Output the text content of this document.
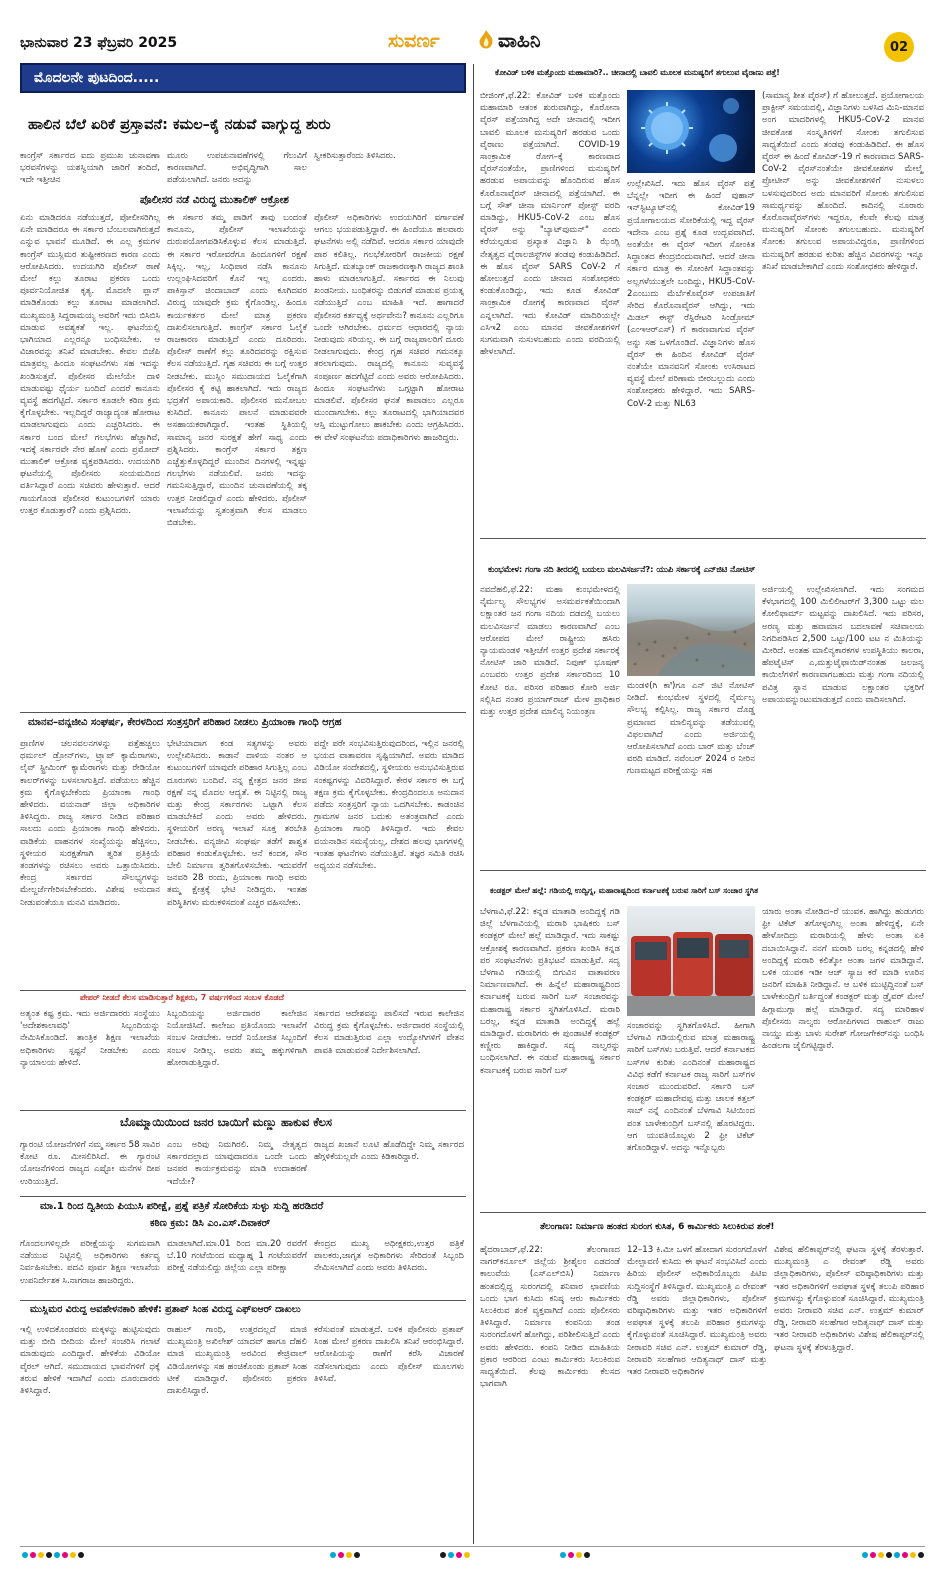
ಭಾನುವಾರ 23 ಫೆಬ್ರವರಿ 2025	ಸುವರ್ಣ	ವಾಹಿನಿ	02
ಮೊದಲನೇ ಪುಟದಿಂದ.....
ಹಾಲಿನ ಬೆಲೆ ಏರಿಕೆ ಪ್ರಸ್ತಾವನೆ: ಕಮಲ–ಕೈ ನಡುವೆ ವಾಗ್ಯುದ್ಧ ಶುರು
ಕಾಂಗ್ರೆಸ್ ಸರ್ಕಾರದ ಐದು ಪ್ರಮುಖ ಚುನಾವಣಾ ಭರವಸೆಗಳನ್ನು ಯಶಸ್ವಿಯಾಗಿ ಜಾರಿಗೆ ತಂದಿದೆ, ಇದೇ ಇತ್ತೀಚಿನ
ಮೂರು ಉಪಚುನಾವಣೆಗಳಲ್ಲಿ ಗೆಲುವಿಗೆ ಕಾರಣವಾಗಿದೆ. ಅಭಿವೃದ್ಧಿಗಾಗಿ ಸಾಲ ಪಡೆಯಲಾಗಿದೆ. ಜನರು ಅದನ್ನು
ಸ್ವೀಕರಿಸುತ್ತಾರೆಂದು ತಿಳಿಸಿದರು.
ಪೊಲೀಸರ ನಡೆ ವಿರುದ್ಧ ಮುತಾಲಿಕ್ ಆಕ್ರೋಶ
ಏನು ಮಾಡಿದರೂ ನಡೆಯುತ್ತದೆ, ಪೋಲೀಸರಿಗಿಲ್ಲ ಏನೇ ಮಾಡಿದರೂ ಈ ಸರ್ಕಾರ ಬೆಂಬಲವಾಗಿರುತ್ತದೆ ಎನ್ನುವ ಭಾವನೆ ಮೂಡಿದೆ. ಈ ಎಲ್ಲ ಕ್ರಮಗಳ ಕಾಂಗ್ರೆಸ್ ಮುಸ್ಲಿಮರ ತುಷ್ಟೀಕರಣದ ಕಾರಣ ಎಂದು ಆರೋಪಿಸಿದರು. ಉದಯಗಿರಿ ಪೊಲೀಸ್ ಠಾಣೆ ಮೇಲೆ ಕಲ್ಲು ತೂರಾಟ ಪ್ರಕರಣ ಒಂದು ಪೂರ್ವನಿಯೋಜಿತ ಕೃತ್ಯ. ಮೊದಲೇ ಪ್ಲಾನ್ ಮಾಡಿಕೊಂಡು ಕಲ್ಲು ತೂರಾಟ ಮಾಡಲಾಗಿದೆ. ಮುಖ್ಯಮಂತ್ರಿ ಸಿದ್ದರಾಮಯ್ಯ ಅವರಿಗೆ ಇದು ಬಿಸಿಬಿಸಿ ಮಾಡುವ ಅವಶ್ಯಕತೆ ಇಲ್ಲ. ಘಟನೆಯಲ್ಲಿ ಭಾಗಿಯಾದ ಎಲ್ಲರನ್ನೂ ಬಂಧಿಸಬೇಕು. ಆ ವಿಚಾರವನ್ನು ತನಿಖೆ ಮಾಡಬೇಕು. ಕೇವಲ ಬಿಜೆಪಿ ಮಾತ್ರವಲ್ಲ ಹಿಂದೂ ಸಂಘಟನೆಗಳು ಸಹ ಇದನ್ನು ಖಂಡಿಸುತ್ತವೆ. ಪೊಲೀಸರ ಮೇಲೆಯೇ ದಾಳಿ ಮಾಡುವಷ್ಟು ಧೈರ್ಯ ಬಂದಿದೆ ಎಂದರೆ ಕಾನೂನು ವ್ಯವಸ್ಥೆ ಹದಗೆಟ್ಟಿದೆ. ಸರ್ಕಾರ ಕೂಡಲೇ ಕಠಿಣ ಕ್ರಮ ಕೈಗೊಳ್ಳಬೇಕು. ಇಲ್ಲದಿದ್ದರೆ ರಾಜ್ಯಾದ್ಯಂತ ಹೋರಾಟ ಮಾಡಲಾಗುವುದು ಎಂದು ಎಚ್ಚರಿಸಿದರು. ಈ ಸರ್ಕಾರ ಬಂದ ಮೇಲೆ ಗಲಭೆಗಳು ಹೆಚ್ಚಾಗಿವೆ, ಇದಕ್ಕೆ ಸರ್ಕಾರವೇ ನೇರ ಹೊಣೆ ಎಂದು ಪ್ರಮೋದ್ ಮುತಾಲಿಕ್ ಆಕ್ರೋಶ ವ್ಯಕ್ತಪಡಿಸಿದರು. ಉದಯಗಿರಿ ಘಟನೆಯಲ್ಲಿ ಪೊಲೀಸರು ಸಂಯಮದಿಂದ ವರ್ತಿಸಿದ್ದಾರೆ ಎಂದು ಸಚಿವರು ಹೇಳುತ್ತಾರೆ. ಆದರೆ ಗಾಯಗೊಂಡ ಪೊಲೀಸರ ಕುಟುಂಬಗಳಿಗೆ ಯಾರು ಉತ್ತರ ಕೊಡುತ್ತಾರೆ? ಎಂದು ಪ್ರಶ್ನಿಸಿದರು.
ಈ ಸರ್ಕಾರ ತಮ್ಮ ಪಾಡಿಗೆ ತಾವು ಬಂದಂತೆ ಕಾನೂನು, ಪೊಲೀಸ್ ಇಲಾಖೆಯನ್ನು ದುರುಪಯೋಗಪಡಿಸಿಕೊಳ್ಳುವ ಕೆಲಸ ಮಾಡುತ್ತಿದೆ. ಈ ಸರ್ಕಾರ ಇರೋವರೆಗೂ ಹಿಂದೂಗಳಿಗೆ ರಕ್ಷಣೆ ಸಿಕ್ಕಿಲ್ಲ. ಇಲ್ಲ, ಸಿಂಧಿಪಾಠ ನಡೆಸಿ ಕಾನೂನು ಉಲ್ಲಂಘಿಸಿದವರಿಗೆ ಕೊನೆ ಇಲ್ಲ ಎಂದರು. ಪಾಕಿಸ್ತಾನ್ ಜಿಂದಾಬಾದ್ ಎಂದು ಕೂಗಿದವರ ವಿರುದ್ಧ ಯಾವುದೇ ಕ್ರಮ ಕೈಗೊಂಡಿಲ್ಲ. ಹಿಂದೂ ಕಾರ್ಯಕರ್ತರ ಮೇಲೆ ಮಾತ್ರ ಪ್ರಕರಣ ದಾಖಲಿಸಲಾಗುತ್ತಿದೆ. ಕಾಂಗ್ರೆಸ್ ಸರ್ಕಾರ ಓಲೈಕೆ ರಾಜಕಾರಣ ಮಾಡುತ್ತಿದೆ ಎಂದು ದೂರಿದರು. ಪೊಲೀಸ್ ಠಾಣೆಗೆ ಕಲ್ಲು ತೂರಿದವರನ್ನು ರಕ್ಷಿಸುವ ಕೆಲಸ ನಡೆಯುತ್ತಿದೆ. ಗೃಹ ಸಚಿವರು ಈ ಬಗ್ಗೆ ಉತ್ತರ ನೀಡಬೇಕು. ಮುಸ್ಲಿಂ ಸಮುದಾಯದ ಓಲೈಕೆಗಾಗಿ ಪೊಲೀಸರ ಕೈ ಕಟ್ಟಿ ಹಾಕಲಾಗಿದೆ. ಇದು ರಾಜ್ಯದ ಭದ್ರತೆಗೆ ಅಪಾಯಕಾರಿ. ಪೊಲೀಸರ ಮನೋಬಲ ಕುಸಿದಿದೆ. ಕಾನೂನು ಪಾಲನೆ ಮಾಡುವವರೇ ಅಸಹಾಯಕರಾಗಿದ್ದಾರೆ. ಇಂತಹ ಸ್ಥಿತಿಯಲ್ಲಿ ಸಾಮಾನ್ಯ ಜನರ ಸುರಕ್ಷತೆ ಹೇಗೆ ಸಾಧ್ಯ ಎಂದು ಪ್ರಶ್ನಿಸಿದರು. ಕಾಂಗ್ರೆಸ್ ಸರ್ಕಾರ ತಕ್ಷಣ ಎಚ್ಚೆತ್ತುಕೊಳ್ಳದಿದ್ದರೆ ಮುಂದಿನ ದಿನಗಳಲ್ಲಿ ಇನ್ನಷ್ಟು ಗಲಭೆಗಳು ನಡೆಯಲಿವೆ. ಜನರು ಇದನ್ನು ಗಮನಿಸುತ್ತಿದ್ದಾರೆ, ಮುಂದಿನ ಚುನಾವಣೆಯಲ್ಲಿ ತಕ್ಕ ಉತ್ತರ ನೀಡಲಿದ್ದಾರೆ ಎಂದು ಹೇಳಿದರು. ಪೊಲೀಸ್ ಇಲಾಖೆಯನ್ನು ಸ್ವತಂತ್ರವಾಗಿ ಕೆಲಸ ಮಾಡಲು ಬಿಡಬೇಕು.
ಪೊಲೀಸ್ ಅಧಿಕಾರಿಗಳು ಉದಯಗಿರಿಗೆ ವರ್ಗಾವಣೆ ಆಗಲು ಭಯಪಡುತ್ತಿದ್ದಾರೆ. ಈ ಹಿಂದೆಯೂ ಹಲವಾರು ಘಟನೆಗಳು ಅಲ್ಲಿ ನಡೆದಿವೆ. ಆದರೂ ಸರ್ಕಾರ ಯಾವುದೇ ಪಾಠ ಕಲಿತಿಲ್ಲ. ಗಲಭೆಕೋರರಿಗೆ ರಾಜಕೀಯ ರಕ್ಷಣೆ ಸಿಗುತ್ತಿದೆ. ಮತಬ್ಯಾಂಕ್ ರಾಜಕಾರಣಕ್ಕಾಗಿ ರಾಜ್ಯದ ಶಾಂತಿ ಹಾಳು ಮಾಡಲಾಗುತ್ತಿದೆ. ಸರ್ಕಾರದ ಈ ನಿಲುವು ಖಂಡನೀಯ. ಬಂಧಿತರನ್ನು ಬಿಡುಗಡೆ ಮಾಡುವ ಪ್ರಯತ್ನ ನಡೆಯುತ್ತಿದೆ ಎಂಬ ಮಾಹಿತಿ ಇದೆ. ಹಾಗಾದರೆ ಪೊಲೀಸರ ಕರ್ತವ್ಯಕ್ಕೆ ಅರ್ಥವೇನು? ಕಾನೂನು ಎಲ್ಲರಿಗೂ ಒಂದೇ ಆಗಿರಬೇಕು. ಧರ್ಮದ ಆಧಾರದಲ್ಲಿ ನ್ಯಾಯ ನೀಡುವುದು ಸರಿಯಲ್ಲ. ಈ ಬಗ್ಗೆ ರಾಜ್ಯಪಾಲರಿಗೆ ದೂರು ನೀಡಲಾಗುವುದು. ಕೇಂದ್ರ ಗೃಹ ಸಚಿವರ ಗಮನಕ್ಕೂ ತರಲಾಗುವುದು. ರಾಜ್ಯದಲ್ಲಿ ಕಾನೂನು ಸುವ್ಯವಸ್ಥೆ ಸಂಪೂರ್ಣ ಹದಗೆಟ್ಟಿದೆ ಎಂದು ಅವರು ಆರೋಪಿಸಿದರು. ಹಿಂದೂ ಸಂಘಟನೆಗಳು ಒಗ್ಗಟ್ಟಾಗಿ ಹೋರಾಟ ಮಾಡಲಿವೆ. ಪೊಲೀಸರ ಘನತೆ ಕಾಪಾಡಲು ಎಲ್ಲರೂ ಮುಂದಾಗಬೇಕು. ಕಲ್ಲು ತೂರಾಟದಲ್ಲಿ ಭಾಗಿಯಾದವರ ಆಸ್ತಿ ಮುಟ್ಟುಗೋಲು ಹಾಕಬೇಕು ಎಂದು ಆಗ್ರಹಿಸಿದರು. ಈ ವೇಳೆ ಸಂಘಟನೆಯ ಪದಾಧಿಕಾರಿಗಳು ಹಾಜರಿದ್ದರು.
ಮಾನವ–ವನ್ಯಜೀವಿ ಸಂಘರ್ಷ, ಕೇರಳದಿಂದ ಸಂತ್ರಸ್ತರಿಗೆ ಪರಿಹಾರ ನೀಡಲು ಪ್ರಿಯಾಂಕಾ ಗಾಂಧಿ ಆಗ್ರಹ
ಪ್ರಾಣಿಗಳ ಚಲನವಲನಗಳನ್ನು ಪತ್ತೆಹಚ್ಚಲು ಥರ್ಮಲ್ ಡ್ರೋನ್‌ಗಳು, ಟ್ರ್ಯಾಪ್ ಕ್ಯಾಮೆರಾಗಳು, ಲೈವ್ ಸ್ಟ್ರೀಮಿಂಗ್ ಕ್ಯಾಮೆರಾಗಳು ಮತ್ತು ರೇಡಿಯೋ ಕಾಲರ್‌ಗಳನ್ನು ಬಳಸಲಾಗುತ್ತಿದೆ. ಪಡೆಯಲು ಹೆಚ್ಚಿನ ಕ್ರಮ ಕೈಗೊಳ್ಳಬೇಕೆಂದು ಪ್ರಿಯಾಂಕಾ ಗಾಂಧಿ ಹೇಳಿದರು. ವಯನಾಡ್ ಜಿಲ್ಲಾ ಅಧಿಕಾರಿಗಳ ತಿಳಿಸಿದ್ದರು. ರಾಜ್ಯ ಸರ್ಕಾರ ನೀಡಿದ ಪರಿಹಾರ ಸಾಲದು ಎಂದು ಪ್ರಿಯಾಂಕಾ ಗಾಂಧಿ ಹೇಳಿದರು. ವಾಡಿಕೆಯ ವಾಹನಗಳ ಸಂಖ್ಯೆಯನ್ನು ಹೆಚ್ಚಿಸಲು, ಸ್ಥಳೀಯರ ಸುರಕ್ಷತೆಗಾಗಿ ತ್ವರಿತ ಪ್ರತಿಕ್ರಿಯೆ ತಂಡಗಳನ್ನು ರಚಿಸಲು ಅವರು ಒತ್ತಾಯಿಸಿದರು. ಕೇಂದ್ರ ಸರ್ಕಾರದ ಸೌಲಭ್ಯಗಳನ್ನು ಮೇಲ್ದರ್ಜೆಗೇರಿಸಬೇಕೆಂದರು. ವಿಶೇಷ ಅನುದಾನ ನೀಡುವಂತೆಯೂ ಮನವಿ ಮಾಡಿದರು.
ಭೇಟಿಯಾದಾಗ ಕಂಡ ಸತ್ಯಗಳನ್ನು ಅವರು ಉಲ್ಲೇಖಿಸಿದರು. ಕಾಡಾನೆ ದಾಳಿಯ ನಂತರ ಆ ಕುಟುಂಬಗಳಿಗೆ ಯಾವುದೇ ಪರಿಹಾರ ಸಿಗುತ್ತಿಲ್ಲ ಎಂಬ ದೂರುಗಳು ಬಂದಿವೆ. ನನ್ನ ಕ್ಷೇತ್ರದ ಜನರ ಜೀವ ರಕ್ಷಣೆ ನನ್ನ ಮೊದಲ ಆದ್ಯತೆ. ಈ ನಿಟ್ಟಿನಲ್ಲಿ ರಾಜ್ಯ ಮತ್ತು ಕೇಂದ್ರ ಸರ್ಕಾರಗಳು ಒಟ್ಟಾಗಿ ಕೆಲಸ ಮಾಡಬೇಕಿದೆ ಎಂದು ಅವರು ಹೇಳಿದರು. ಸ್ಥಳೀಯರಿಗೆ ಅರಣ್ಯ ಇಲಾಖೆ ಸೂಕ್ತ ತರಬೇತಿ ನೀಡಬೇಕು. ವನ್ಯಜೀವಿ ಸಂಘರ್ಷ ತಡೆಗೆ ಶಾಶ್ವತ ಪರಿಹಾರ ಕಂಡುಕೊಳ್ಳಬೇಕು. ಆನೆ ಕಂದಕ, ಸೌರ ಬೇಲಿ ನಿರ್ಮಾಣ ತ್ವರಿತಗೊಳಿಸಬೇಕು. ಇದುವರೆಗೆ ಜನವರಿ 28 ರಂದು, ಪ್ರಿಯಾಂಕಾ ಗಾಂಧಿ ಅವರು ತಮ್ಮ ಕ್ಷೇತ್ರಕ್ಕೆ ಭೇಟಿ ನೀಡಿದ್ದರು. ಇಂತಹ ಪರಿಸ್ಥಿತಿಗಳು ಮರುಕಳಿಸದಂತೆ ಎಚ್ಚರ ವಹಿಸಬೇಕು.
ಪದ್ದೇ ಪರೇ ಸಂಭವಿಸುತ್ತಿರುವುದರಿಂದ, ಇಲ್ಲಿನ ಜನರಲ್ಲಿ ಭಯದ ವಾತಾವರಣ ಸೃಷ್ಟಿಯಾಗಿದೆ. ಅವರು ಮಾಡಿದ ವಿಡಿಯೋ ಸಂದೇಶದಲ್ಲಿ, ಸ್ಥಳೀಯರು ಅನುಭವಿಸುತ್ತಿರುವ ಸಂಕಷ್ಟಗಳನ್ನು ವಿವರಿಸಿದ್ದಾರೆ. ಕೇರಳ ಸರ್ಕಾರ ಈ ಬಗ್ಗೆ ತಕ್ಷಣ ಕ್ರಮ ಕೈಗೊಳ್ಳಬೇಕು. ಕೇಂದ್ರದಿಂದಲೂ ಅನುದಾನ ಪಡೆದು ಸಂತ್ರಸ್ತರಿಗೆ ನ್ಯಾಯ ಒದಗಿಸಬೇಕು. ಕಾಡಂಚಿನ ಗ್ರಾಮಗಳ ಜನರ ಬದುಕು ಅತಂತ್ರವಾಗಿದೆ ಎಂದು ಪ್ರಿಯಾಂಕಾ ಗಾಂಧಿ ತಿಳಿಸಿದ್ದಾರೆ. ಇದು ಕೇವಲ ವಯನಾಡಿನ ಸಮಸ್ಯೆಯಲ್ಲ, ದೇಶದ ಹಲವು ಭಾಗಗಳಲ್ಲಿ ಇಂತಹ ಘಟನೆಗಳು ನಡೆಯುತ್ತಿವೆ. ತಜ್ಞರ ಸಮಿತಿ ರಚಿಸಿ ಅಧ್ಯಯನ ನಡೆಸಬೇಕು.
ಪೇಪರ್ ನೀಡದೆ ಕೆಲಸ ಮಾಡಿಸುತ್ತಾರೆ ಶಿಕ್ಷಕರು, 7 ವರ್ಷಗಳಿಂದ ಸಂಬಳ ಕೊಡದೆ
ಅತ್ಯಂತ ಕಷ್ಟ ಕ್ರಮ. ಇದು ಅರ್ಜಿದಾರರು ಸಂಸ್ಥೆಯು 'ಅದೇಶಕಾಲಾವಧಿ' ಸಿಬ್ಬಂದಿಯನ್ನು ನೇಮಿಸಿಕೊಂಡಿದೆ. ತಾಂತ್ರಿಕ ಶಿಕ್ಷಣ ಇಲಾಖೆಯ ಅಧಿಕಾರಿಗಳು ಸ್ಪಷ್ಟನೆ ನೀಡಬೇಕು ಎಂದು ನ್ಯಾಯಾಲಯ ಹೇಳಿದೆ.
ಸಿಬ್ಬಂದಿಯನ್ನು ಅರ್ಜಿದಾರರ ಕಾಲೇಜಿನ ನಿಯೋಜಿಸಿದೆ. ಕಾಲೇಜು ಪ್ರತಿಯೊಂದು ಇಲಾಖೆಗೆ ಸಂಬಳ ನೀಡಬೇಕು. ಆದರೆ ನಿಯೋಜಿತ ಸಿಬ್ಬಂದಿಗೆ ಸಂಬಳ ನೀಡಿಲ್ಲ. ಅವರು ತಮ್ಮ ಹಕ್ಕುಗಳಿಗಾಗಿ ಹೋರಾಡುತ್ತಿದ್ದಾರೆ.
ಸರ್ಕಾರದ ಆದೇಶವನ್ನು ಪಾಲಿಸದೆ ಇರುವ ಕಾಲೇಜಿನ ವಿರುದ್ಧ ಕ್ರಮ ಕೈಗೊಳ್ಳಬೇಕು. ಅರ್ಜಿದಾರರ ಸಂಸ್ಥೆಯಲ್ಲಿ ಕೆಲಸ ಮಾಡುತ್ತಿರುವ ಎಲ್ಲಾ ಉದ್ಯೋಗಿಗಳಿಗೆ ವೇತನ ಪಾವತಿ ಮಾಡುವಂತೆ ನಿರ್ದೇಶಿಸಲಾಗಿದೆ.
ಬೊಮ್ಮಾಯಿಯಿಂದ ಜನರ ಬಾಯಿಗೆ ಮಣ್ಣು ಹಾಕುವ ಕೆಲಸ
ಗ್ಯಾರಂಟಿ ಯೋಜನೆಗಳಿಗೆ ನಮ್ಮ ಸರ್ಕಾರ 58 ಸಾವಿರ ಕೋಟಿ ರೂ. ಮೀಸಲಿರಿಸಿದೆ. ಈ ಗ್ಯಾರಂಟಿ ಯೋಜನೆಗಳಿಂದ ರಾಜ್ಯದ ಎಷ್ಟೋ ಮನೆಗಳ ದೀಪ ಉರಿಯುತ್ತಿದೆ.
ಎಂಬ ಅರಿವು ನಿಮಗಿರಲಿ. ನಿಮ್ಮ ನೇತೃತ್ವದ ಸರ್ಕಾರದಲ್ಲಾದ ಯಾವುದಾದರೂ ಒಂದೇ ಒಂದು ಜನಪರ ಕಾರ್ಯಕ್ರಮವನ್ನು ಮಾಡಿ ಉದಾಹರಣೆ ಇದೆಯೇ?
ರಾಜ್ಯದ ಖಜಾನೆ ಲೂಟಿ ಹೊಡೆದಿದ್ದೇ ನಿಮ್ಮ ಸರ್ಕಾರದ ಹೆಗ್ಗಳಿಕೆಯಲ್ಲವೇ ಎಂದು ಕಿಡಿಕಾರಿದ್ದಾರೆ.
ಮಾ.1 ರಿಂದ ದ್ವಿತೀಯ ಪಿಯುಸಿ ಪರೀಕ್ಷೆ, ಪ್ರಶ್ನೆ ಪತ್ರಿಕೆ ಸೋರಿಕೆಯ ಸುಳ್ಳು ಸುದ್ದಿ ಹರಡಿದರೆ
ಕಠಿಣ ಕ್ರಮ: ಡಿಸಿ ಎಂ.ಎಸ್.ದಿವಾಕರ್
ಗೊಂದಲಗಳಿಲ್ಲದೇ ಪರೀಕ್ಷೆಯನ್ನು ಸುಗಮವಾಗಿ ನಡೆಯುವ ನಿಟ್ಟಿನಲ್ಲಿ ಅಧಿಕಾರಿಗಳು ಕರ್ತವ್ಯ ನಿರ್ವಹಿಸಬೇಕು. ಪದವಿ ಪೂರ್ವ ಶಿಕ್ಷಣ ಇಲಾಖೆಯ ಉಪನಿರ್ದೇಶಕ ಸಿ.ನಾಗರಾಜ ಹಾಜರಿದ್ದರು.
ಮಾಡಲಾಗಿದೆ.ಮಾ.01 ರಿಂದ ಮಾ.20 ರವರೆಗೆ ಬೆ.10 ಗಂಟೆಯಿಂದ ಮಧ್ಯಾಹ್ನ 1 ಗಂಟೆಯವರೆಗೆ ಪರೀಕ್ಷೆ ನಡೆಯಲಿದ್ದು ಜಿಲ್ಲೆಯ ಎಲ್ಲಾ ಪರೀಕ್ಷಾ
ಕೇಂದ್ರದ ಮುಖ್ಯ ಅಧೀಕ್ಷಕರು,ಉತ್ತರ ಪತ್ರಿಕೆ ಪಾಲಕರು,ಜಾಗೃತ ಅಧಿಕಾರಿಗಳು ಸೇರಿದಂತೆ ಸಿಬ್ಬಂದಿ ನೇಮಿಸಲಾಗಿದೆ ಎಂದು ಅವರು ತಿಳಿಸಿದರು.
ಮುಸ್ಲಿಮರ ವಿರುದ್ಧ ಅವಹೇಳನಕಾರಿ ಹೇಳಿಕೆ: ಪ್ರತಾಪ್ ಸಿಂಹ ವಿರುದ್ಧ ಎಫ್‌ಐಆರ್ ದಾಖಲು
ಇಲ್ಲಿ ಉಳಿದಕೊಂಡವರು ಮಕ್ಕಳನ್ನು ಹುಟ್ಟಿಸುವುದು ಮತ್ತು ಬೀದಿ ಬೀದಿಯ ಮೇಲೆ ಸಂಚರಿಸಿ ಗಲಾಟೆ ಮಾಡುವುದು ಎಂದಿದ್ದಾರೆ. ಹೇಳಿಕೆಯ ವಿಡಿಯೋ ವೈರಲ್ ಆಗಿದೆ. ಸಮುದಾಯದ ಭಾವನೆಗಳಿಗೆ ಧಕ್ಕೆ ತರುವ ಹೇಳಿಕೆ ಇದಾಗಿದೆ ಎಂದು ದೂರುದಾರರು ತಿಳಿಸಿದ್ದಾರೆ.
ರಾಹುಲ್ ಗಾಂಧಿ, ಉತ್ತರದಲ್ಲದೆ ಮಾಜಿ ಮುಖ್ಯಮಂತ್ರಿ ಅಖಿಲೇಶ್ ಯಾದವ್ ಹಾಗೂ ದೆಹಲಿ ಮಾಜಿ ಮುಖ್ಯಮಂತ್ರಿ ಅರವಿಂದ ಕೇಜ್ರಿವಾಲ್ ವಿಡಿಯೋಗಳನ್ನು ಸಹ ಹಂಚಿಕೊಂಡು ಪ್ರತಾಪ್ ಸಿಂಹ ಟೀಕೆ ಮಾಡಿದ್ದಾರೆ. ಪೊಲೀಸರು ಪ್ರಕರಣ ದಾಖಲಿಸಿದ್ದಾರೆ.
ಕರೆಸುವಂತೆ ಮಾಡುತ್ತದೆ. ಬಳಿಕ ಪೊಲೀಸರು ಪ್ರತಾಪ್ ಸಿಂಹ ಮೇಲೆ ಪ್ರಕರಣ ದಾಖಲಿಸಿ ತನಿಖೆ ಆರಂಭಿಸಿದ್ದಾರೆ. ಆರೋಪಿಯನ್ನು ಠಾಣೆಗೆ ಕರೆಸಿ ವಿಚಾರಣೆ ನಡೆಸಲಾಗುವುದು ಎಂದು ಪೊಲೀಸ್ ಮೂಲಗಳು ತಿಳಿಸಿವೆ.
ಕೋವಿಡ್ ಬಳಿಕ ಮತ್ತೊಂದು ಮಹಾಮಾರಿ?.. ಚೀನಾದಲ್ಲಿ ಬಾವಲಿ ಮೂಲಕ ಮನುಷ್ಯರಿಗೆ ತಗುಲುವ ವೈರಾಣು ಪತ್ತೆ!
ಬೀಜಿಂಗ್,ಫೆ.22: ಕೋವಿಡ್ ಬಳಿಕ ಮತ್ತೊಂದು ಮಹಾಮಾರಿ ಆತಂಕ ಶುರುವಾಗಿದ್ದು, ಕೊರೋನಾ ವೈರಸ್ ಪತ್ತೆಯಾಗಿದ್ದ ಅದೇ ಚೀನಾದಲ್ಲಿ ಇದೀಗ ಬಾವಲಿ ಮೂಲಕ ಮನುಷ್ಯರಿಗೆ ಹರಡುವ ಒಂದು ವೈರಾಣು ಪತ್ತೆಯಾಗಿದೆ. COVID-19 ಸಾಂಕ್ರಾಮಿಕ ರೋಗ–ಕ್ಕೆ ಕಾರಣವಾದ ವೈರಸ್‌ನಂತೆಯೇ, ಪ್ರಾಣಿಗಳಿಂದ ಮನುಷ್ಯರಿಗೆ ಹರಡುವ ಅಪಾಯವನ್ನು ಹೊಂದಿರುವ ಹೊಸ ಕೊರೊನಾವೈರಸ್ ಚೀನಾದಲ್ಲಿ ಪತ್ತೆಯಾಗಿದೆ. ಈ ಬಗ್ಗೆ ಸೌತ್ ಚೀನಾ ಮಾರ್ನಿಂಗ್ ಪೋಸ್ಟ್ ವರದಿ ಮಾಡಿದ್ದು, HKU5-CoV-2 ಎಂಬ ಹೊಸ ವೈರಸ್ ಅನ್ನು "ಬ್ಯಾಟ್‌ವುಮನ್" ಎಂದು ಕರೆಯಲ್ಪಡುವ ಪ್ರಖ್ಯಾತ ವಿಜ್ಞಾನಿ ಶಿ ಝೆಂಗ್ಲಿ ನೇತೃತ್ವದ ವೈರಾಲಜಿಸ್ಟ್‌ಗಳ ತಂಡವು ಕಂಡುಹಿಡಿದಿದೆ. ಈ ಹೊಸ ವೈರಸ್ SARS CoV-2 ಗೆ ಹೋಲುತ್ತದೆ ಎಂದು ಚೀನಾದ ಸಂಶೋಧಕರು ಕಂಡುಕೊಂಡಿದ್ದು, ಇದು ಕೂಡ ಕೋವಿಡ್ ಸಾಂಕ್ರಾಮಿಕ ರೋಗಕ್ಕೆ ಕಾರಣವಾದ ವೈರಸ್ ಎನ್ನಲಾಗಿದೆ. ಇದು ಕೋವಿಡ್ ಮಾದಿರಿಯಲ್ಲೇ ಎಸಿಇ2 ಎಂಬ ಮಾನವ ಜೀವಕೋಶಗಳಿಗೆ ಸುಗಮವಾಗಿ ನುಸುಳಬಹುದು ಎಂದು ವರದಿಯಲ್ಲಿ ಹೇಳಲಾಗಿದೆ.
ಉಲ್ಲೇಖಿಸಿದೆ. ಇದು ಹೊಸ ವೈರಸ್ ಪತ್ತೆ ಬೆನ್ನಲ್ಲೇ ಇದೀಗ ಈ ಹಿಂದೆ ವುಹಾನ್ ಇನ್‌ಸ್ಟಿಟ್ಯೂಟ್‌ನಲ್ಲಿ ಕೋವಿಡ್19 ಪ್ರಯೋಗಾಲಯದ ಸೋರಿಕೆಯಲ್ಲಿ ಇದ್ದ ವೈರಸ್ ಇದೇನಾ ಎಂಬ ಪ್ರಶ್ನೆ ಕೂಡ ಉದ್ಭವವಾಗಿದೆ. ಅಂತೆಯೇ ಈ ವೈರಸ್ ಇದೀಗ ಸೋಂಕಿತ ಸಿದ್ಧಾಂತದ ಕೇಂದ್ರಬಿಂದುವಾಗಿದೆ. ಆದರೆ ಚೀನಾ ಸರ್ಕಾರ ಮಾತ್ರ ಈ ಸೋಂಕಿಗೆ ಸಿದ್ಧಾಂತವನ್ನು ಅಲ್ಲಗಳೆಯುತ್ತಲೇ ಬಂದಿದ್ದು, HKU5-CoV-2ಎಂಬುದು ಮೆರ್ಬೆಕೊವೈರಸ್ ಉಪಜಾತಿಗೆ ಸೇರಿದ ಕೊರೊನಾವೈರಸ್ ಆಗಿದ್ದು, ಇದು ಮಿಡಲ್ ಈಸ್ಟ್ ರೆಸ್ಪಿರೇಟರಿ ಸಿಂಡ್ರೋಮ್ (ಎಂಇಆರ್‌ಎಸ್) ಗೆ ಕಾರಣವಾಗುವ ವೈರಸ್ ಅನ್ನು ಸಹ ಒಳಗೊಂಡಿದೆ. ವಿಜ್ಞಾನಿಗಳು ಹೊಸ ವೈರಸ್ ಈ ಹಿಂದಿನ ಕೋವಿಡ್ ವೈರಸ್ ನಂತೆಯೇ ಮಾನವನಿಗೆ ಸೋಂಕು ಉಸಿರಾಟದ ವ್ಯವಸ್ಥೆ ಮೇಲೆ ಪರಿಣಾಮ ಬೀರಬಲ್ಲುದು ಎಂದು ಸಂಶೋಧಕರು ಹೇಳಿದ್ದಾರೆ. ಇದು SARS-CoV-2 ಮತ್ತು NL63
(ಸಾಮಾನ್ಯ ಶೀತ ವೈರಸ್) ಗೆ ಹೋಲುತ್ತದೆ. ಪ್ರಯೋಗಾಲಯ ಪ್ರಾಕ್ಟೀಸ್ ಸಮಯದಲ್ಲಿ, ವಿಜ್ಞಾನಿಗಳು ಬಳಸಿದ ಮಿನಿ-ಮಾನವ ಅಂಗ ಮಾದರಿಗಳಲ್ಲಿ HKU5-CoV-2 ಮಾನವ ಜೀವಕೋಶ ಸಂಸ್ಕೃತಿಗಳಿಗೆ ಸೋಂಕು ತಗುಲಿಸುವ ಸಾಧ್ಯತೆಯಿದೆ ಎಂದು ತಂಡವು ಕಂಡುಹಿಡಿದಿದೆ. ಈ ಹೊಸ ವೈರಸ್ ಈ ಹಿಂದೆ ಕೋವಿಡ್-19 ಗೆ ಕಾರಣವಾದ SARS-CoV-2 ವೈರಸ್‌ನಂತೆಯೇ ಜೀವಕೋಶಗಳ ಮೇಲ್ಮೈ ಪ್ರೋಟೀನ್ ಅನ್ನು ಜೀವಕೋಶಗಳಿಗೆ ನುಸುಳಲು ಬಳಸುವುದರಿಂದ ಅದು ಮಾನವರಿಗೆ ಸೋಂಕು ತಗುಲಿಸುವ ಸಾಮರ್ಥ್ಯವನ್ನು ಹೊಂದಿದೆ. ಕಾದಿನಲ್ಲಿ ನೂರಾರು ಕೊರೊನಾವೈರಸ್‌ಗಳು ಇದ್ದರೂ, ಕೆಲವೇ ಕೆಲವು ಮಾತ್ರ ಮನುಷ್ಯರಿಗೆ ಸೋಂಕು ತಗುಲಬಹುದು. ಮನುಷ್ಯರಿಗೆ ಸೋಂಕು ತಗುಲುವ ಅಪಾಯವಿದ್ದರೂ, ಪ್ರಾಣಿಗಳಿಂದ ಮನುಷ್ಯರಿಗೆ ಹರಡುವ ಕುರಿತು ಹೆಚ್ಚಿನ ವಿವರಗಳನ್ನು ಇನ್ನೂ ತನಿಖೆ ಮಾಡಬೇಕಾಗಿದೆ ಎಂದು ಸಂಶೋಧಕರು ಹೇಳಿದ್ದಾರೆ.
ಕುಂಭಮೇಳ: ಗಂಗಾ ನದಿ ತೀರದಲ್ಲಿ ಬಯಲು ಮಲವಿಸರ್ಜನೆ?: ಯುಪಿ ಸರ್ಕಾರಕ್ಕೆ ಎನ್‌ಜಿಟಿ ನೋಟಿಸ್
ನವದೆಹಲಿ,ಫೆ.22: ಮಹಾ ಕುಂಭಮೇಳದಲ್ಲಿ ನೈರ್ಮಲ್ಯ ಸೌಲಭ್ಯಗಳ ಅಸಮರ್ಪಕತೆಯಿಂದಾಗಿ ಲಕ್ಷಾಂತರ ಜನ ಗಂಗಾ ನದಿಯ ದಡದಲ್ಲಿ ಬಯಲು ಮಲವಿಸರ್ಜನೆ ಮಾಡಲು ಕಾರಣವಾಗಿದೆ ಎಂಬ ಆರೋಪದ ಮೇಲೆ ರಾಷ್ಟ್ರೀಯ ಹಸಿರು ನ್ಯಾಯಮಂಡಳಿ ಇತ್ತೀಚೆಗೆ ಉತ್ತರ ಪ್ರದೇಶ ಸರ್ಕಾರಕ್ಕೆ ನೋಟಿಸ್ ಜಾರಿ ಮಾಡಿದೆ. ನಿಪುಣ್ ಭೂಷಣ್ ಎಂಬವರು ಉತ್ತರ ಪ್ರದೇಶ ಸರ್ಕಾರದಿಂದ 10 ಕೋಟಿ ರೂ. ಪರಿಸರ ಪರಿಹಾರ ಕೋರಿ ಅರ್ಜಿ ಸಲ್ಲಿಸಿದ ನಂತರ ಪ್ರಯಾಗ್‌ರಾಜ್ ಮೇಳ ಪ್ರಾಧಿಕಾರ ಮತ್ತು ಉತ್ತರ ಪ್ರದೇಶ ಮಾಲಿನ್ಯ ನಿಯಂತ್ರಣ
ಮಂಡಳಿ(ಗಿ ಕಾಿ)ಗೂ ಎನ್ ಜಿಟಿ ನೋಟಿಸ್ ನೀಡಿದೆ. ಕುಂಭಮೇಳ ಸ್ಥಳದಲ್ಲಿ ನೈರ್ಮಲ್ಯ ಸೌಲಭ್ಯ ಕಲ್ಪಿಸಿಲ್ಲ. ರಾಜ್ಯ ಸರ್ಕಾರ ದೊಡ್ಡ ಪ್ರಮಾಣದ ಮಾಲಿನ್ಯವನ್ನು ತಡೆಯುವಲ್ಲಿ ವಿಫಲವಾಗಿದೆ ಎಂದು ಅರ್ಜಿಯಲ್ಲಿ ಆರೋಪಿಸಲಾಗಿದೆ ಎಂದು ಬಾರ್ ಮತ್ತು ಬೆಂಚ್ ವರದಿ ಮಾಡಿದೆ. ನವೆಂಬರ್ 2024 ರ ನೀರಿನ ಗುಣಮಟ್ಟದ ಪರೀಕ್ಷೆಯನ್ನು ಸಹ
ಅರ್ಜಿಯಲ್ಲಿ ಉಲ್ಲೇಖಿಸಲಾಗಿದೆ. ಇದು ಸಂಗಮದ ಕೆಳಭಾಗದಲ್ಲಿ 100 ಮಿಲಿಲೀಟರ್‌ಗೆ 3,300 ಒಟ್ಟು ಮಲ ಕೋಲಿಫಾರ್ಮ್ ಮಟ್ಟವನ್ನು ದಾಖಲಿಸಿದೆ. ಇದು ಪರಿಸರ, ಅರಣ್ಯ ಮತ್ತು ಹವಾಮಾನ ಬದಲಾವಣೆ ಸಚಿವಾಲಯ ನಿಗದಿಪಡಿಸಿದ 2,500 ಒಟ್ಟು/100 ಟಟ ನ ಮಿತಿಯನ್ನು ಮೀರಿದೆ. ಅಂತಹ ಮಾಲಿನ್ಯಕಾರಕಗಳ ಉಪಸ್ಥಿತಿಯು ಕಾಲರಾ, ಹೆಪಟೈಟಿಸ್ ಎ,ಮತ್ತುಟೈಫಾಯಿಡ್‌ನಂತಹ ಜಲಜನ್ಯ ಕಾಯಿಲೆಗಳಿಗೆ ಕಾರಣವಾಗಬಹುದು ಮತ್ತು ಗಂಗಾ ನದಿಯಲ್ಲಿ ಪವಿತ್ರ ಸ್ನಾನ ಮಾಡುವ ಲಕ್ಷಾಂತರ ಭಕ್ತರಿಗೆ ಅಪಾಯವನ್ನುಂಟುಮಾಡುತ್ತದೆ ಎಂದು ವಾದಿಸಲಾಗಿದೆ.
ಕಂಡಕ್ಟರ್ ಮೇಲೆ ಹಲ್ಲೆ: ಗಡಿಯಲ್ಲಿ ಉದ್ವಿಗ್ನ, ಮಹಾರಾಷ್ಟ್ರದಿಂದ ಕರ್ನಾಟಕಕ್ಕೆ ಬರುವ ಸಾರಿಗೆ ಬಸ್ ಸಂಚಾರ ಸ್ಥಗಿತ
ಬೆಳಗಾವಿ,ಫೆ.22: ಕನ್ನಡ ಮಾತಾಡಿ ಅಂದಿದ್ದಕ್ಕೆ ಗಡಿ ಜಿಲ್ಲೆ ಬೆಳಗಾವಿಯಲ್ಲಿ ಮರಾಠಿ ಭಾಷಿಕರು ಬಸ್ ಕಂಡಕ್ಟರ್ ಮೇಲೆ ಹಲ್ಲೆ ಮಾಡಿದ್ದಾರೆ. ಇದು ಸಾಕಷ್ಟು ಆಕ್ರೋಶಕ್ಕೆ ಕಾರಣವಾಗಿದೆ. ಪ್ರಕರಣ ಖಂಡಿಸಿ ಕನ್ನಡ ಪರ ಸಂಘಟನೆಗಳು ಪ್ರತಿಭಟನೆ ಮಾಡುತ್ತಿವೆ. ಸದ್ಯ ಬೆಳಗಾವಿ ಗಡಿಯಲ್ಲಿ ಬಿಗುವಿನ ವಾತಾವರಣ ನಿರ್ಮಾಣವಾಗಿದೆ. ಈ ಹಿನ್ನೆಲೆ ಮಹಾರಾಷ್ಟ್ರದಿಂದ ಕರ್ನಾಟಕಕ್ಕೆ ಬರುವ ಸಾರಿಗೆ ಬಸ್ ಸಂಚಾರವನ್ನು ಮಹಾರಾಷ್ಟ್ರ ಸರ್ಕಾರ ಸ್ಥಗಿತಗೊಳಿಸಿದೆ. ಮರಾಠಿ ಬರಲ್ಲ, ಕನ್ನಡ ಮಾತಾಡಿ ಅಂದಿದ್ದಕ್ಕೆ ಹಲ್ಲೆ ಮಾಡಿದ್ದಾರೆ. ಮರಾಠಿಗರು ಈ ಪುಂಡಾಟಿಕೆ ಕಂಡಕ್ಟರ್ ಕಣ್ಣೀರು ಹಾಕಿದ್ದಾರೆ. ಸದ್ಯ ನಾಲ್ವರನ್ನು ಬಂಧಿಸಲಾಗಿದೆ. ಈ ನಡುವೆ ಮಹಾರಾಷ್ಟ್ರ ಸರ್ಕಾರ ಕರ್ನಾಟಕಕ್ಕೆ ಬರುವ ಸಾರಿಗೆ ಬಸ್
ಸಂಚಾರವನ್ನು ಸ್ಥಗಿತಗೊಳಿಸಿದೆ. ಹೀಗಾಗಿ ಬೆಳಗಾವಿ ಗಡಿಯಲ್ಲಿರುವ ಮಾತ್ರ ಮಹಾರಾಷ್ಟ್ರ ಸಾರಿಗೆ ಬಸ್‌ಗಳು ಬರುತ್ತಿವೆ. ಆದರೆ ಕರ್ನಾಟಕದ ಬಸ್‌ಗಳ ಕುರಿತು ಎಂದಿನಂತೆ ಮಹಾರಾಷ್ಟ್ರದ ವಿವಿಧ ಕಡೆಗೆ ಕರ್ನಾಟಕ ರಾಜ್ಯ ಸಾರಿಗೆ ಬಸ್‌ಗಳ ಸಂಚಾರ ಮುಂದುವರಿದೆ. ಸರ್ಕಾರಿ ಬಸ್ ಕಂಡಕ್ಟರ್ ಮಹಾದೇವಪ್ಪ ಮತ್ತು ಚಾಲಕ ಕತ್ತಲ್ ಸಾಬ್ ನನ್ನೆ ಎಂದಿನಂತೆ ಬೆಳಗಾವಿ ಸಿಟಿಯಿಂದ ಪಂತ ಬಾಳೇಕುಂದ್ರಿಗೆ ಬಸ್‌ನಲ್ಲಿ ಹೊರಟಿದ್ದರು. ಆಗ ಯುವತಿಯೊಬ್ಬಳು 2 ಫ್ರೀ ಟಿಕೆಟ್ ತಗೊಂಡಿದ್ದಾಳೆ. ಅದನ್ನು ಇನ್ನೊಬ್ಬರು
ಯಾರು ಅಂತಾ ನೋಡಿದ–ರೆ ಯುವಕ. ಹಾಗಿದ್ದು ಹುಡುಗರು ಫ್ರೀ ಟಿಕೆಟ್ ತಗೋಳ್ಳಂಗಿಲ್ಲ ಅಂತಾ ಹೇಳಿದ್ದಕ್ಕೆ, ಏನೇ ಹೇಳೋದಿದ್ರು ಮರಾಠಿಯಲ್ಲಿ ಹೇಳು ಅಂತಾ ಏಕಿ ದಬಾಯಿಸಿದ್ದಾನೆ. ನನಗೆ ಮರಾಠಿ ಬರಲ್ಲ ಕನ್ನಡದಲ್ಲಿ ಹೇಳಿ ಅಂದಿದ್ದಕ್ಕೆ ಮರಾಠಿ ಕಲಿತ್ಕೋ ಅಂತಾ ಜಗಳ ಮಾಡಿದ್ದಾನೆ. ಬಳಿಕ ಯುವಕ ಇಡೀ ಆಜ್ ಸ್ಯಾಜ ಕರೆ ಮಾಡಿ ಊರಿನ ಜನರಿಗೆ ಮಾಹಿತಿ ನೀಡಿದ್ದಾನೆ. ಆ ಬಳಿಕ ಮುಟ್ಟಿದ್ದಿನಂತೆ ಬಸ್ ಬಾಳೇಕುಂದ್ರಿಗೆ ಬರ್ತಿದ್ದಂತೆ ಕಂಡಕ್ಟರ್ ಮತ್ತು ಡ್ರೈವರ್ ಮೇಲೆ ಹಿಗ್ಗಾಮುಗ್ಗಾ ಹಲ್ಲೆ ಮಾಡಿದ್ದಾರೆ. ಸದ್ಯ ಮಾರಿಹಾಳ ಪೊಲೀಸರು ನಾಲ್ವರು ಆರೋಪಿಗಳಾದ ರಾಹುಲ್ ರಾಜು ನಾಯ್ಡು ಮತ್ತು ಬಾಳು ಸುರೇಶ್ ಗೋಜಗೇಕರ್‌ನನ್ನು ಬಂಧಿಸಿ ಹಿಂಡಲಗಾ ಜೈಲಿಗಟ್ಟಿದ್ದಾರೆ.
ತೆಲಂಗಾಣ: ನಿರ್ಮಾಣ ಹಂತದ ಸುರಂಗ ಕುಸಿತ, 6 ಕಾರ್ಮಿಕರು ಸಿಲುಕಿರುವ ಶಂಕೆ!
ಹೈದರಾಬಾದ್,ಫೆ.22: ತೆಲಂಗಾಣದ ನಾಗರ್‌ಕರ್ನೂಲ್ ಜಿಲ್ಲೆಯ ಶ್ರೀಶೈಲಂ ಎಡದಂಡೆ ಕಾಲುವೆಯ (ಎಸ್‌ಎಲ್‌ಬಿಸಿ) ನಿರ್ಮಾಣ ಹಂತದಲ್ಲಿದ್ದ ಸುರಂಗದಲ್ಲಿ ಶನಿವಾರ ಛಾವಣಿಯ ಒಂದು ಭಾಗ ಕುಸಿದು ಕನಿಷ್ಠ ಆರು ಕಾರ್ಮಿಕರು ಸಿಲುಕಿರುವ ಶಂಕೆ ವ್ಯಕ್ತವಾಗಿದೆ ಎಂದು ಪೊಲೀಸರು ತಿಳಿಸಿದ್ದಾರೆ. ನಿರ್ಮಾಣ ಕಂಪನಿಯ ತಂಡ ಸುರಂಗದೊಳಗೆ ಹೋಗಿದ್ದು, ಪರಿಶೀಲಿಸುತ್ತಿದೆ ಎಂದು ಅವರು ಹೇಳಿದರು. ಕಂಪನಿ ನೀಡಿದ ಮಾಹಿತಿಯ ಪ್ರಕಾರ ಆರರಿಂದ ಎಂಟು ಕಾರ್ಮಿಕರು ಸಿಲುಕಿರುವ ಸಾಧ್ಯತೆಯಿದೆ. ಕೆಲವು ಕಾರ್ಮಿಕರು ಕೆಲಸದ ಭಾಗವಾಗಿ
12–13 ಕಿ.ಮೀ ಒಳಗೆ ಹೋದಾಗ ಸುರಂಗದೊಳಗೆ ಮೇಲ್ಛಾವಣಿ ಕುಸಿದು ಈ ಘಟನೆ ಸಂಭವಿಸಿದೆ ಎಂದು ಹಿರಿಯ ಪೊಲೀಸ್ ಅಧಿಕಾರಿಯೊಬ್ಬರು ಪಿಟಿಐ ಸುದ್ದಿಸಂಸ್ಥೆಗೆ ತಿಳಿಸಿದ್ದಾರೆ. ಮುಖ್ಯಮಂತ್ರಿ ಎ ರೇವಂತ್ ರೆಡ್ಡಿ ಅವರು ಜಿಲ್ಲಾಧಿಕಾರಿಗಳು, ಪೊಲೀಸ್ ವರಿಷ್ಠಾಧಿಕಾರಿಗಳು ಮತ್ತು ಇತರ ಅಧಿಕಾರಿಗಳಿಗೆ ಅಪಘಾತ ಸ್ಥಳಕ್ಕೆ ತಲುಪಿ ಪರಿಹಾರ ಕ್ರಮಗಳನ್ನು ಕೈಗೊಳ್ಳುವಂತೆ ಸೂಚಿಸಿದ್ದಾರೆ. ಮುಖ್ಯಮಂತ್ರಿ ಅವರು ನೀರಾವರಿ ಸಚಿವ ಎನ್. ಉತ್ತಮ್ ಕುಮಾರ್ ರೆಡ್ಡಿ, ನೀರಾವರಿ ಸಲಹೆಗಾರ ಆದಿತ್ಯನಾಥ್ ದಾಸ್ ಮತ್ತು ಇತರ ನೀರಾವರಿ ಅಧಿಕಾರಿಗಳ
ವಿಶೇಷ ಹೆಲಿಕಾಪ್ಟರ್‌ನಲ್ಲಿ ಘಟನಾ ಸ್ಥಳಕ್ಕೆ ತೆರಳುತ್ತಾರೆ. ಮುಖ್ಯಮಂತ್ರಿ ಎ ರೇವಂತ್ ರೆಡ್ಡಿ ಅವರು ಜಿಲ್ಲಾಧಿಕಾರಿಗಳು, ಪೊಲೀಸ್ ವರಿಷ್ಠಾಧಿಕಾರಿಗಳು ಮತ್ತು ಇತರ ಅಧಿಕಾರಿಗಳಿಗೆ ಅಪಘಾತ ಸ್ಥಳಕ್ಕೆ ತಲುಪಿ ಪರಿಹಾರ ಕ್ರಮಗಳನ್ನು ಕೈಗೊಳ್ಳುವಂತೆ ಸೂಚಿಸಿದ್ದಾರೆ. ಮುಖ್ಯಮಂತ್ರಿ ಅವರು ನೀರಾವರಿ ಸಚಿವ ಎನ್. ಉತ್ತಮ್ ಕುಮಾರ್ ರೆಡ್ಡಿ, ನೀರಾವರಿ ಸಲಹೆಗಾರ ಆದಿತ್ಯನಾಥ್ ದಾಸ್ ಮತ್ತು ಇತರ ನೀರಾವರಿ ಅಧಿಕಾರಿಗಳು ವಿಶೇಷ ಹೆಲಿಕಾಪ್ಟರ್‌ನಲ್ಲಿ ಘಟನಾ ಸ್ಥಳಕ್ಕೆ ತೆರಳುತ್ತಿದ್ದಾರೆ.
